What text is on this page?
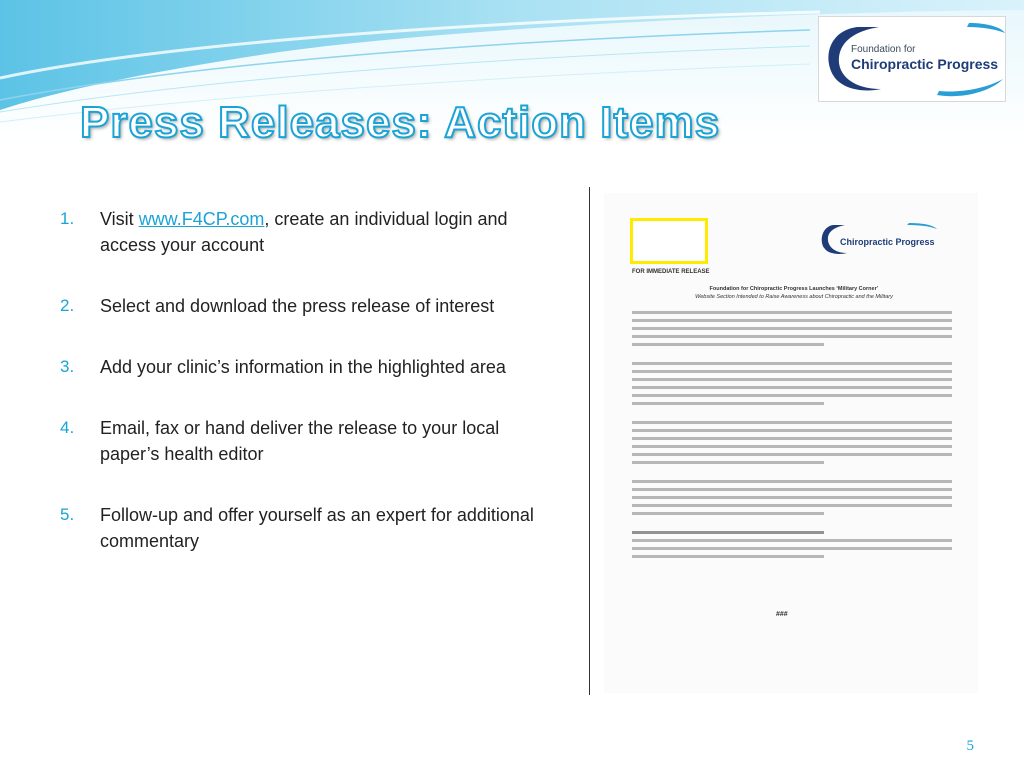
Foundation for
Chiropractic Progress
Press Releases: Action Items
1. Visit www.F4CP.com, create an individual login and access your account
2. Select and download the press release of interest
3. Add your clinic’s information in the highlighted area
4. Email, fax or hand deliver the release to your local paper’s health editor
5. Follow-up and offer yourself as an expert for additional commentary
Chiropractic Progress
FOR IMMEDIATE RELEASE
Foundation for Chiropractic Progress Launches ‘Military Corner’
Website Section Intended to Raise Awareness about Chiropractic and the Military
###
5
